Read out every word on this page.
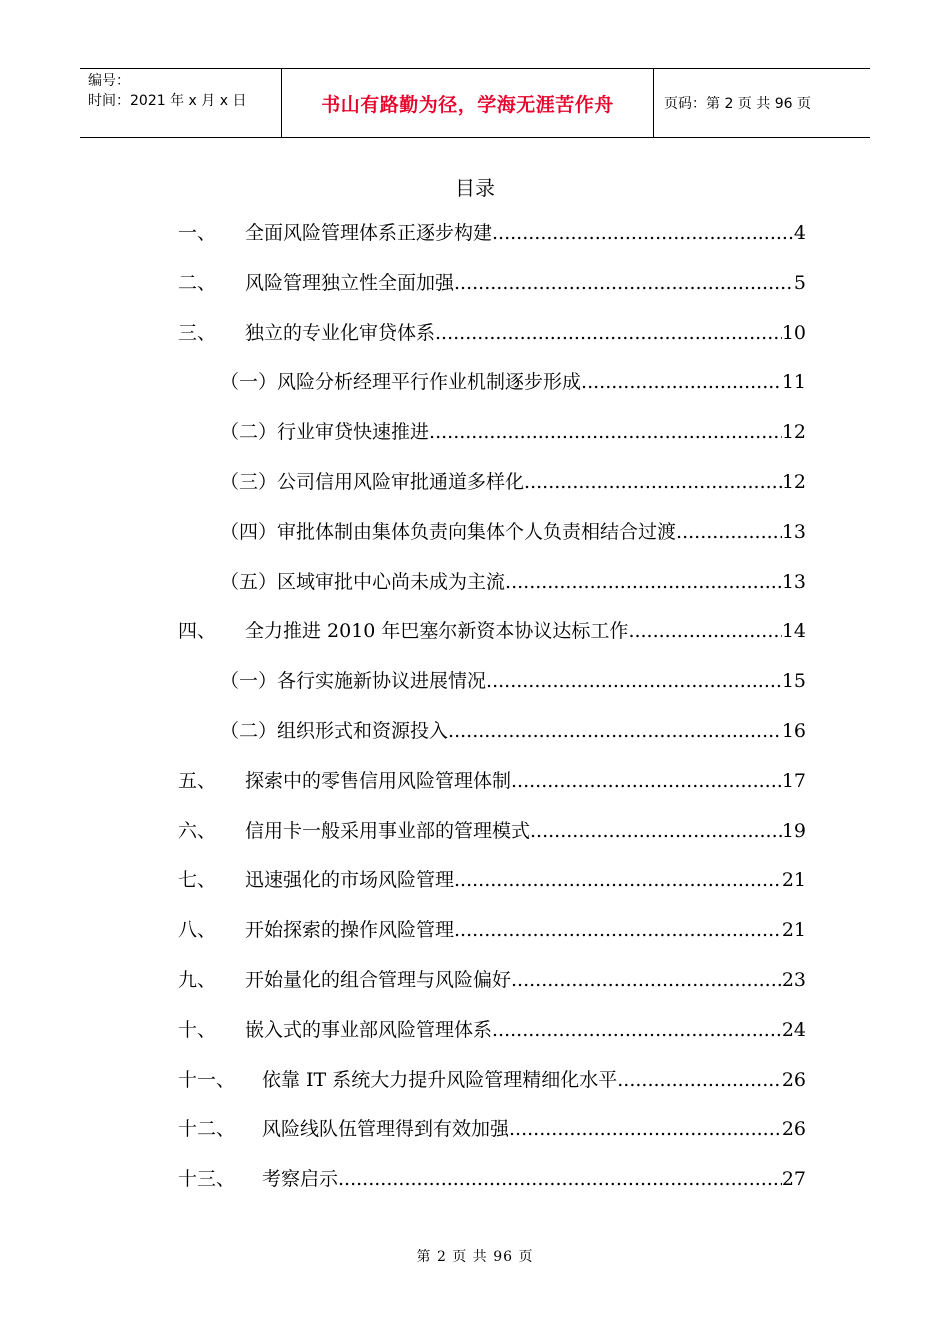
编号：
时间：2021 年 x 月 x 日	书山有路勤为径，学海无涯苦作舟	页码：第 2 页 共 96 页
目录
一、	全面风险管理体系正逐步构建 .....	4
二、	风险管理独立性全面加强 .....	5
三、	独立的专业化审贷体系 .....	10
（一） 风险分析经理平行作业机制逐步形成 .....	11
（二） 行业审贷快速推进 .....	12
（三） 公司信用风险审批通道多样化 .....	12
（四） 审批体制由集体负责向集体个人负责相结合过渡 .....	13
（五） 区域审批中心尚未成为主流 .....	13
四、	全力推进 2010 年巴塞尔新资本协议达标工作 .....	14
（一） 各行实施新协议进展情况 .....	15
（二） 组织形式和资源投入 .....	16
五、	探索中的零售信用风险管理体制 .....	17
六、	信用卡一般采用事业部的管理模式 .....	19
七、	迅速强化的市场风险管理 .....	21
八、	开始探索的操作风险管理 .....	21
九、	开始量化的组合管理与风险偏好 .....	23
十、	嵌入式的事业部风险管理体系 .....	24
十一、	依靠 IT 系统大力提升风险管理精细化水平 .....	26
十二、	风险线队伍管理得到有效加强 .....	26
十三、	考察启示 .....	27
第 2 页 共 96 页
